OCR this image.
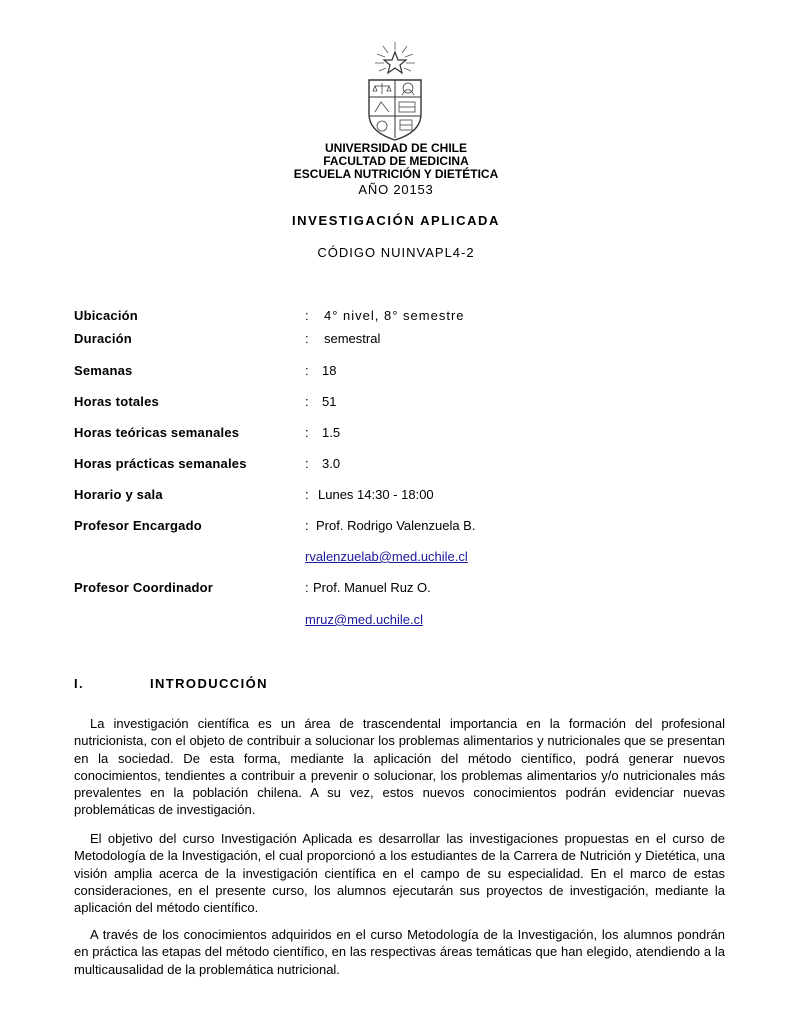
UNIVERSIDAD DE CHILE
FACULTAD DE MEDICINA
ESCUELA NUTRICIÓN Y DIETÉTICA
AÑO 20153
INVESTIGACIÓN APLICADA
CÓDIGO NUINVAPL4-2
Ubicación	: 4° nivel, 8° semestre
Duración	: semestral
Semanas	: 18
Horas totales	: 51
Horas teóricas semanales	: 1.5
Horas prácticas semanales	: 3.0
Horario y sala	: Lunes 14:30 - 18:00
Profesor Encargado	: Prof. Rodrigo Valenzuela B.
rvalenzuelab@med.uchile.cl
Profesor Coordinador	: Prof. Manuel Ruz O.
mruz@med.uchile.cl
I.	INTRODUCCIÓN

La investigación científica es un área de trascendental importancia en la formación del profesional nutricionista, con el objeto de contribuir a solucionar los problemas alimentarios y nutricionales que se presentan en la sociedad. De esta forma, mediante la aplicación del método científico, podrá generar nuevos conocimientos, tendientes a contribuir a prevenir o solucionar, los problemas alimentarios y/o nutricionales más prevalentes en la población chilena. A su vez, estos nuevos conocimientos podrán evidenciar nuevas problemáticas de investigación.

El objetivo del curso Investigación Aplicada es desarrollar las investigaciones propuestas en el curso de Metodología de la Investigación, el cual proporcionó a los estudiantes de la Carrera de Nutrición y Dietética, una visión amplia acerca de la investigación científica en el campo de su especialidad. En el marco de estas consideraciones, en el presente curso, los alumnos ejecutarán sus proyectos de investigación, mediante la aplicación del método científico.

A través de los conocimientos adquiridos en el curso Metodología de la Investigación, los alumnos pondrán en práctica las etapas del método científico, en las respectivas áreas temáticas que han elegido, atendiendo a la multicausalidad de la problemática nutricional.
